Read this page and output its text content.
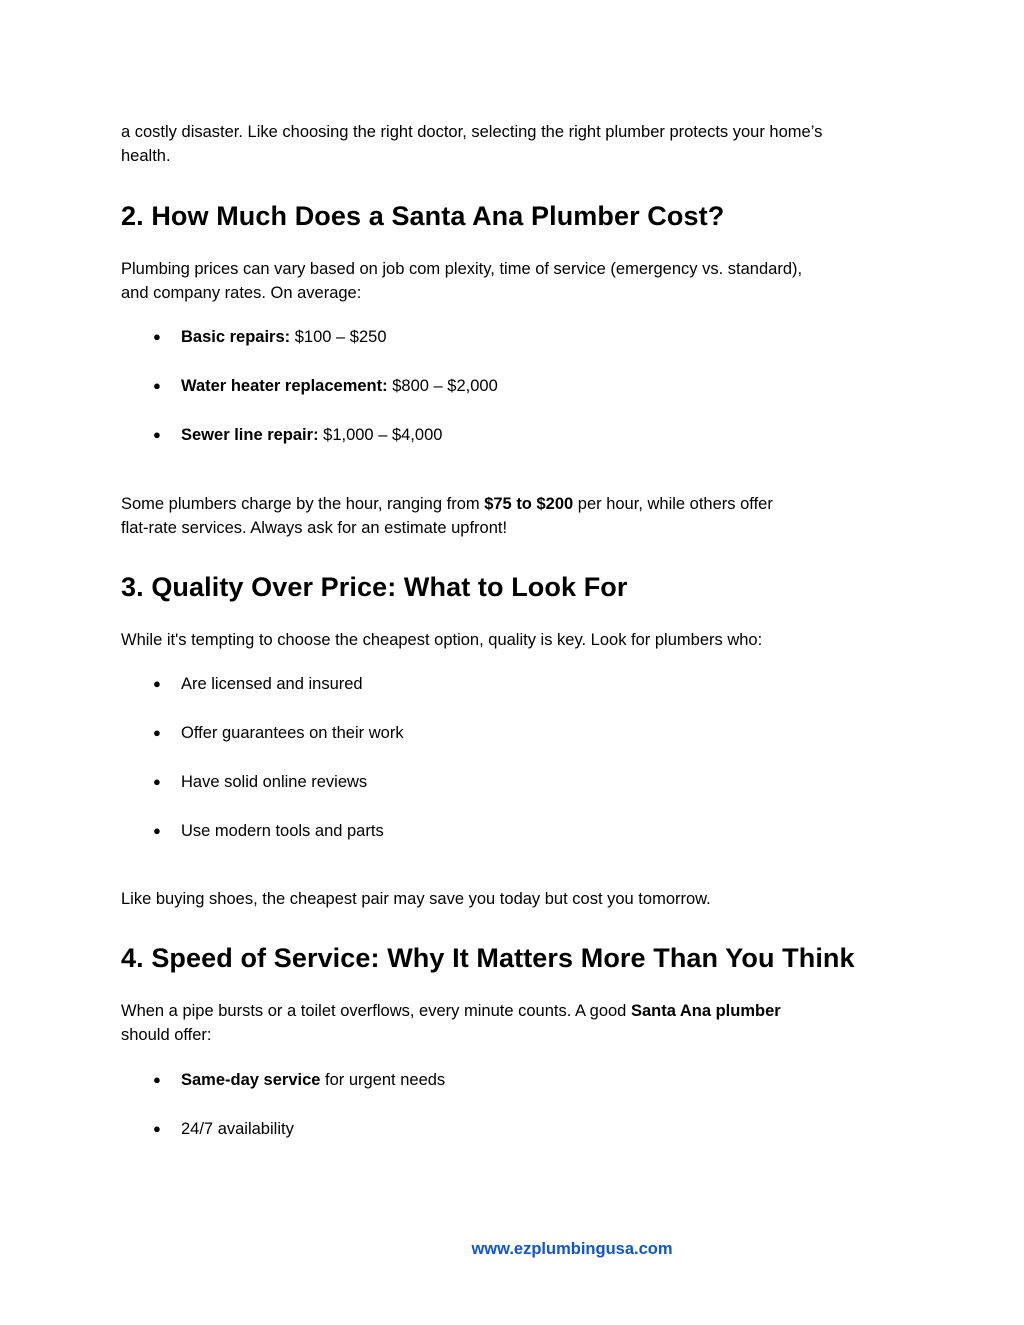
a costly disaster. Like choosing the right doctor, selecting the right plumber protects your home’s
health.

2. How Much Does a Santa Ana Plumber Cost?

Plumbing prices can vary based on job com plexity, time of service (emergency vs. standard),
and company rates. On average:

● Basic repairs: $100 – $250
● Water heater replacement: $800 – $2,000
● Sewer line repair: $1,000 – $4,000

Some plumbers charge by the hour, ranging from $75 to $200 per hour, while others offer
flat-rate services. Always ask for an estimate upfront!

3. Quality Over Price: What to Look For

While it's tempting to choose the cheapest option, quality is key. Look for plumbers who:

● Are licensed and insured
● Offer guarantees on their work
● Have solid online reviews
● Use modern tools and parts

Like buying shoes, the cheapest pair may save you today but cost you tomorrow.

4. Speed of Service: Why It Matters More Than You Think

When a pipe bursts or a toilet overflows, every minute counts. A good Santa Ana plumber
should offer:

● Same-day service for urgent needs
● 24/7 availability
www.ezplumbingusa.com
